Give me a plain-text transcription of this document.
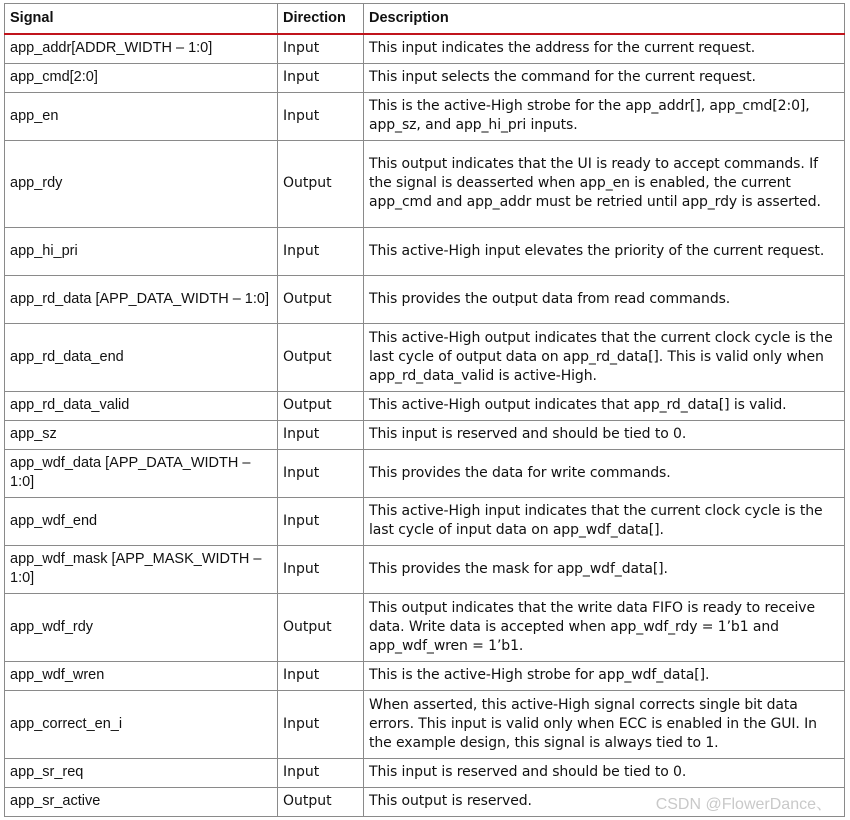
Signal	Direction	Description
app_addr[ADDR_WIDTH – 1:0]	Input	This input indicates the address for the current request.
app_cmd[2:0]	Input	This input selects the command for the current request.
app_en	Input	This is the active-High strobe for the app_addr[], app_cmd[2:0], app_sz, and app_hi_pri inputs.
app_rdy	Output	This output indicates that the UI is ready to accept commands. If the signal is deasserted when app_en is enabled, the current app_cmd and app_addr must be retried until app_rdy is asserted.
app_hi_pri	Input	This active-High input elevates the priority of the current request.
app_rd_data [APP_DATA_WIDTH – 1:0]	Output	This provides the output data from read commands.
app_rd_data_end	Output	This active-High output indicates that the current clock cycle is the last cycle of output data on app_rd_data[]. This is valid only when app_rd_data_valid is active-High.
app_rd_data_valid	Output	This active-High output indicates that app_rd_data[] is valid.
app_sz	Input	This input is reserved and should be tied to 0.
app_wdf_data [APP_DATA_WIDTH – 1:0]	Input	This provides the data for write commands.
app_wdf_end	Input	This active-High input indicates that the current clock cycle is the last cycle of input data on app_wdf_data[].
app_wdf_mask [APP_MASK_WIDTH – 1:0]	Input	This provides the mask for app_wdf_data[].
app_wdf_rdy	Output	This output indicates that the write data FIFO is ready to receive data. Write data is accepted when app_wdf_rdy = 1’b1 and app_wdf_wren = 1’b1.
app_wdf_wren	Input	This is the active-High strobe for app_wdf_data[].
app_correct_en_i	Input	When asserted, this active-High signal corrects single bit data errors. This input is valid only when ECC is enabled in the GUI. In the example design, this signal is always tied to 1.
app_sr_req	Input	This input is reserved and should be tied to 0.
app_sr_active	Output	This output is reserved.	CSDN @FlowerDance、
